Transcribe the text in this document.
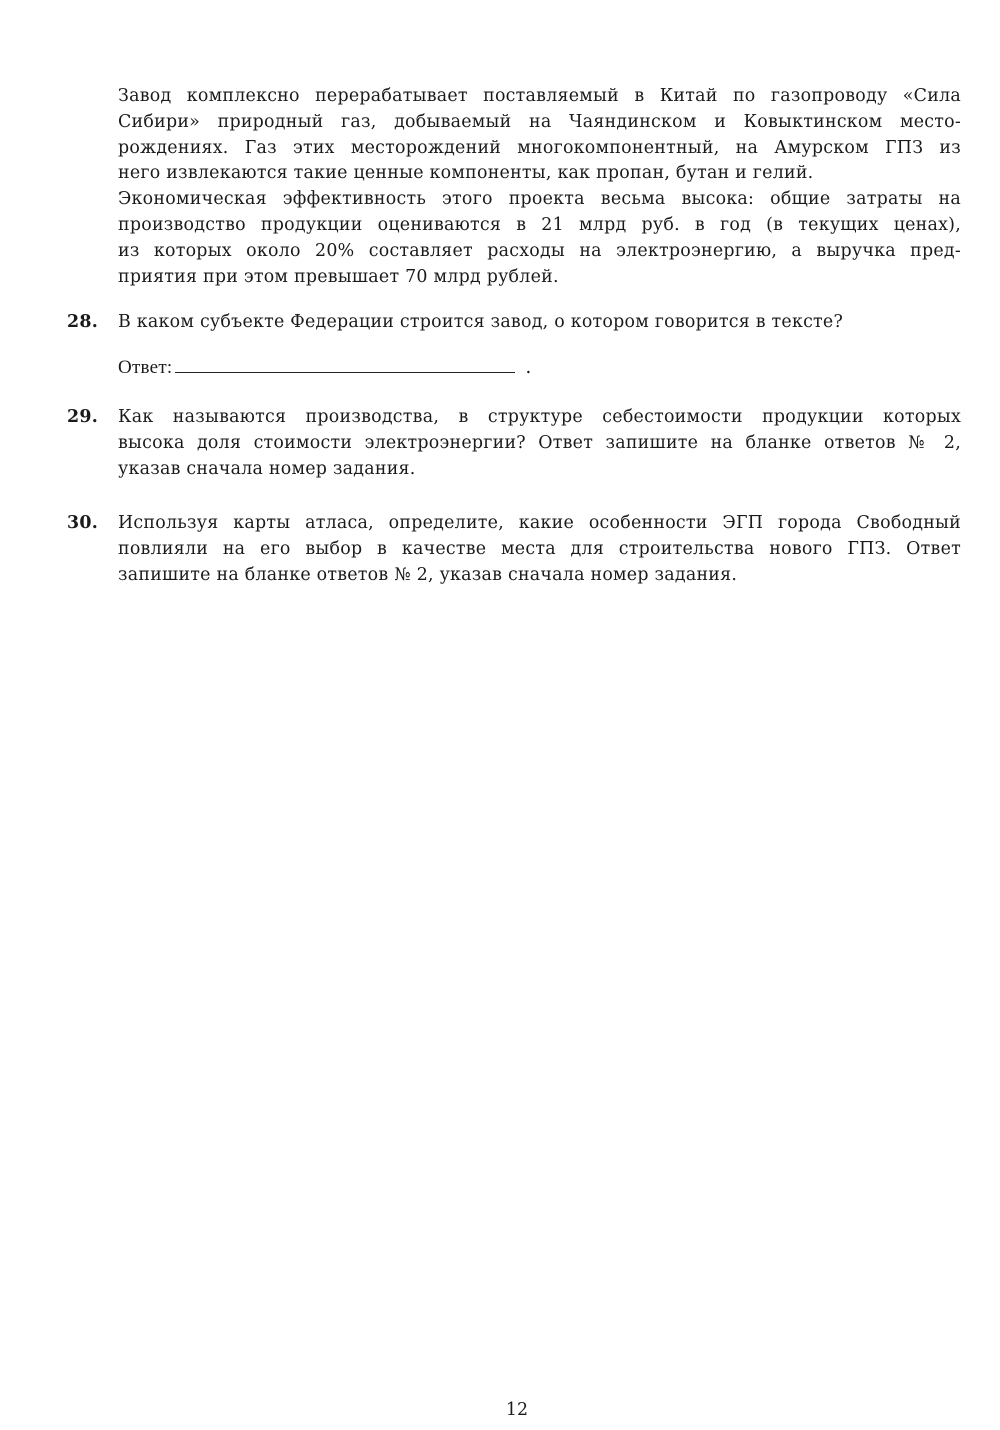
Завод комплексно перерабатывает поставляемый в Китай по газопроводу «Сила
Сибири» природный газ, добываемый на Чаяндинском и Ковыктинском место-
рождениях. Газ этих месторождений многокомпонентный, на Амурском ГПЗ из
него извлекаются такие ценные компоненты, как пропан, бутан и гелий.
Экономическая эффективность этого проекта весьма высока: общие затраты на
производство продукции оцениваются в 21 млрд руб. в год (в текущих ценах),
из которых около 20% составляет расходы на электроэнергию, а выручка пред-
приятия при этом превышает 70 млрд рублей.
28.	В каком субъекте Федерации строится завод, о котором говорится в тексте?
Ответ:	.
29.	Как называются производства, в структуре себестоимости продукции которых
высока доля стоимости электроэнергии? Ответ запишите на бланке ответов № 2,
указав сначала номер задания.
30.	Используя карты атласа, определите, какие особенности ЭГП города Свободный
повлияли на его выбор в качестве места для строительства нового ГПЗ. Ответ
запишите на бланке ответов № 2, указав сначала номер задания.
12
